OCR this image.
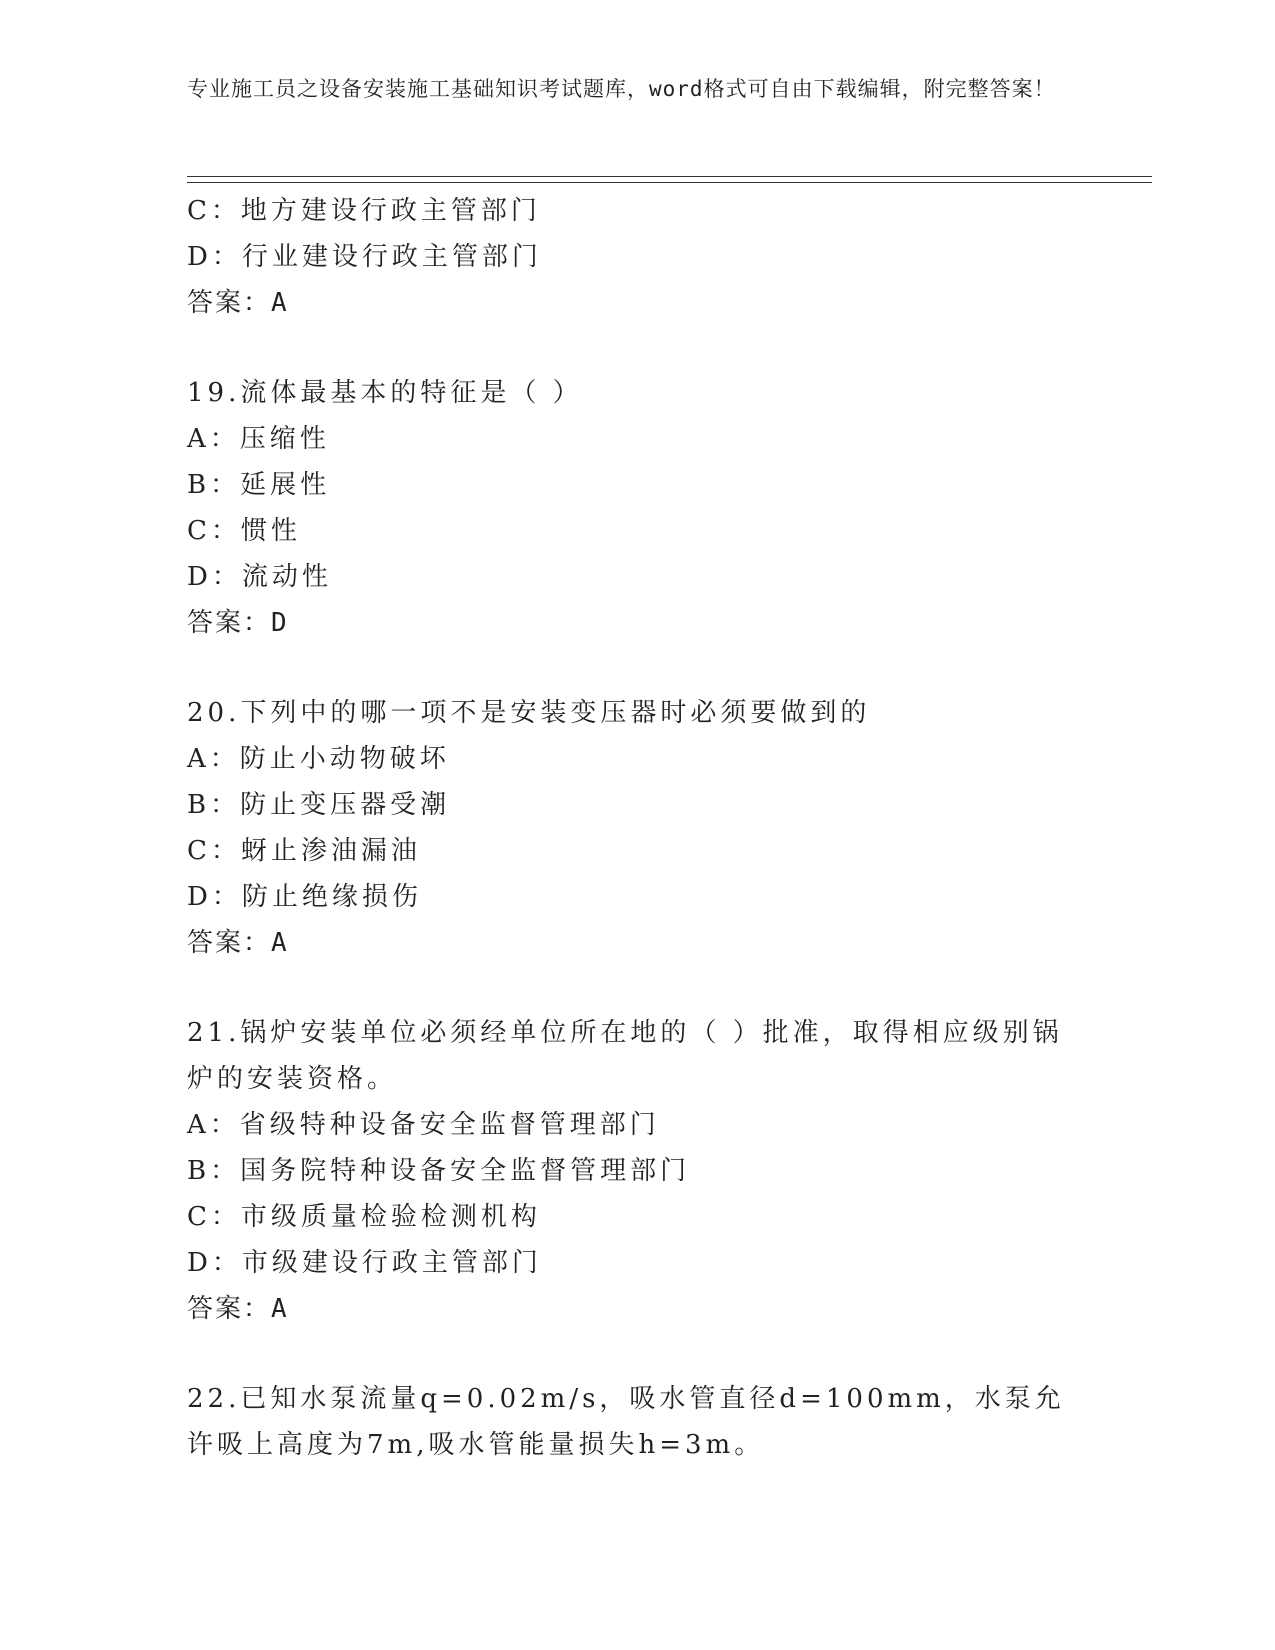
专业施工员之设备安装施工基础知识考试题库，word格式可自由下载编辑，附完整答案！
C：地方建设行政主管部门
D：行业建设行政主管部门
答案：A
19.流体最基本的特征是（ ）
A：压缩性
B：延展性
C：惯性
D：流动性
答案：D
20.下列中的哪一项不是安装变压器时必须要做到的
A：防止小动物破坏
B：防止变压器受潮
C：蚜止渗油漏油
D：防止绝缘损伤
答案：A
21.锅炉安装单位必须经单位所在地的（ ）批准，取得相应级别锅炉的安装资格。
A：省级特种设备安全监督管理部门
B：国务院特种设备安全监督管理部门
C：市级质量检验检测机构
D：市级建设行政主管部门
答案：A
22.已知水泵流量q=0.02m/s，吸水管直径d=100mm，水泵允许吸上高度为7m,吸水管能量损失h=3m。
